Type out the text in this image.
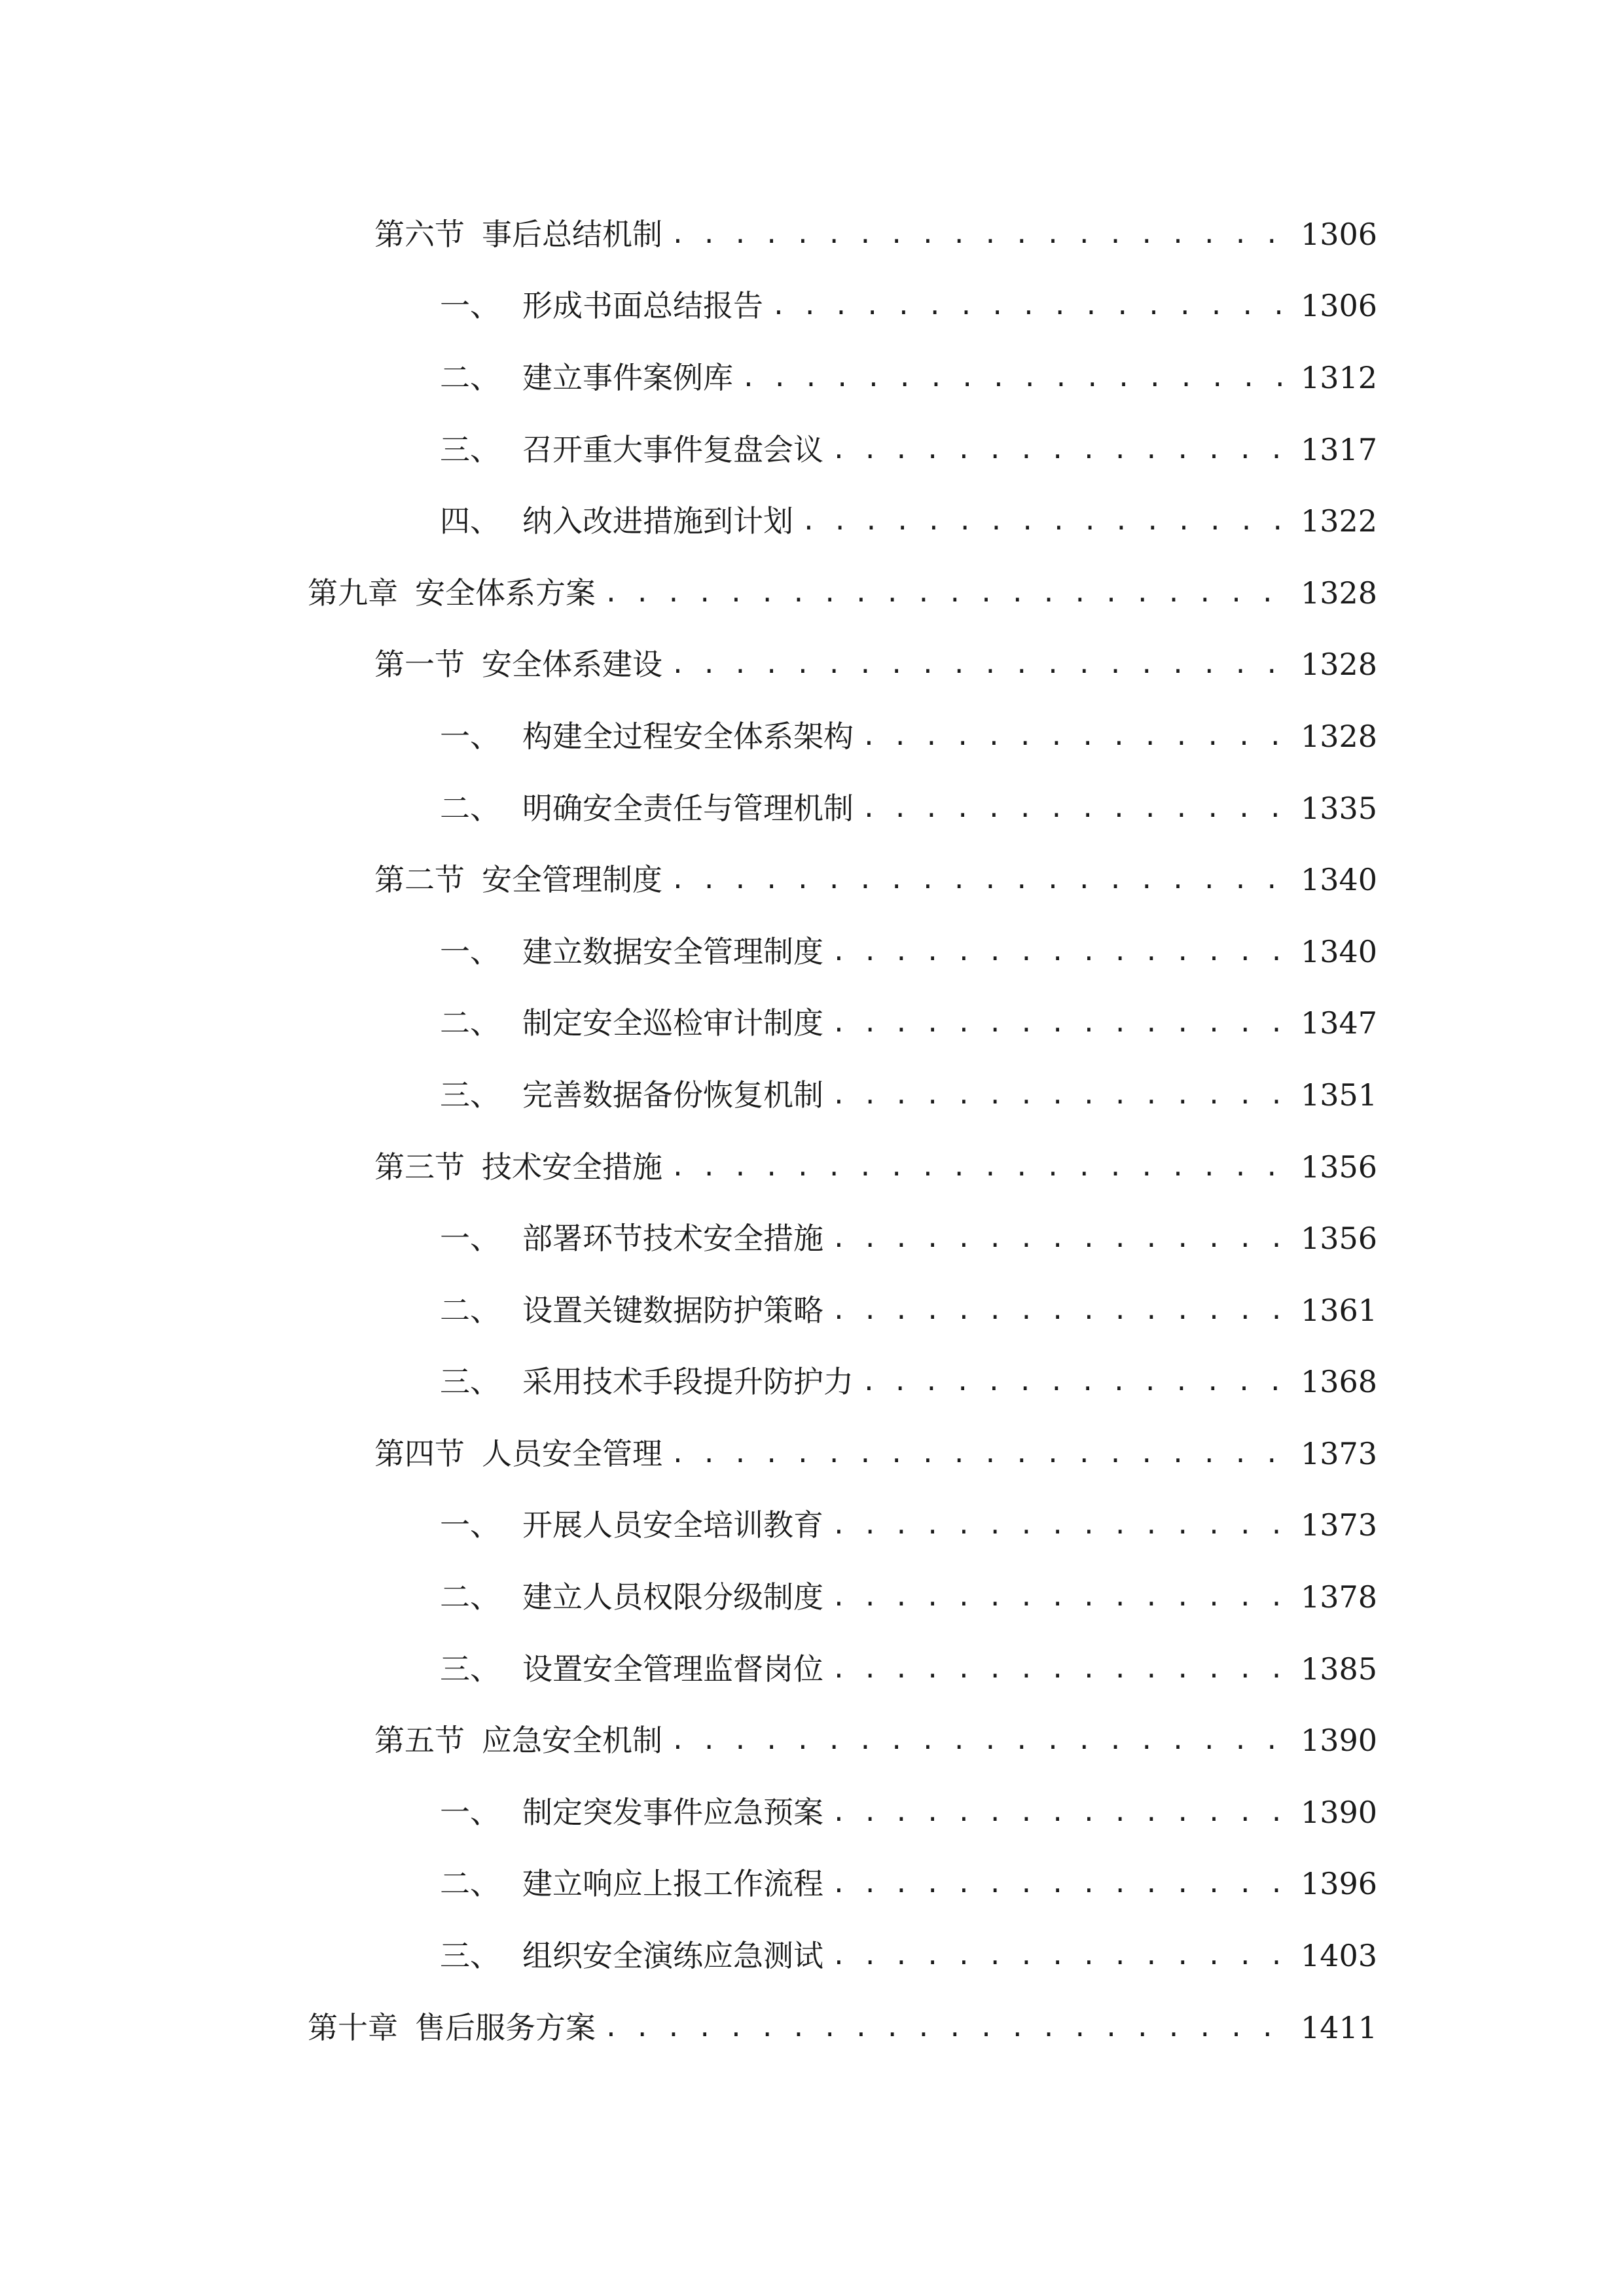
第六节 事后总结机制 . . .	1306
一、 形成书面总结报告 . . .	1306
二、 建立事件案例库 . . .	1312
三、 召开重大事件复盘会议 . . .	1317
四、 纳入改进措施到计划 . . .	1322
第九章 安全体系方案 . . .	1328
第一节 安全体系建设 . . .	1328
一、 构建全过程安全体系架构 . . .	1328
二、 明确安全责任与管理机制 . . .	1335
第二节 安全管理制度 . . .	1340
一、 建立数据安全管理制度 . . .	1340
二、 制定安全巡检审计制度 . . .	1347
三、 完善数据备份恢复机制 . . .	1351
第三节 技术安全措施 . . .	1356
一、 部署环节技术安全措施 . . .	1356
二、 设置关键数据防护策略 . . .	1361
三、 采用技术手段提升防护力 . . .	1368
第四节 人员安全管理 . . .	1373
一、 开展人员安全培训教育 . . .	1373
二、 建立人员权限分级制度 . . .	1378
三、 设置安全管理监督岗位 . . .	1385
第五节 应急安全机制 . . .	1390
一、 制定突发事件应急预案 . . .	1390
二、 建立响应上报工作流程 . . .	1396
三、 组织安全演练应急测试 . . .	1403
第十章 售后服务方案 . . .	1411
